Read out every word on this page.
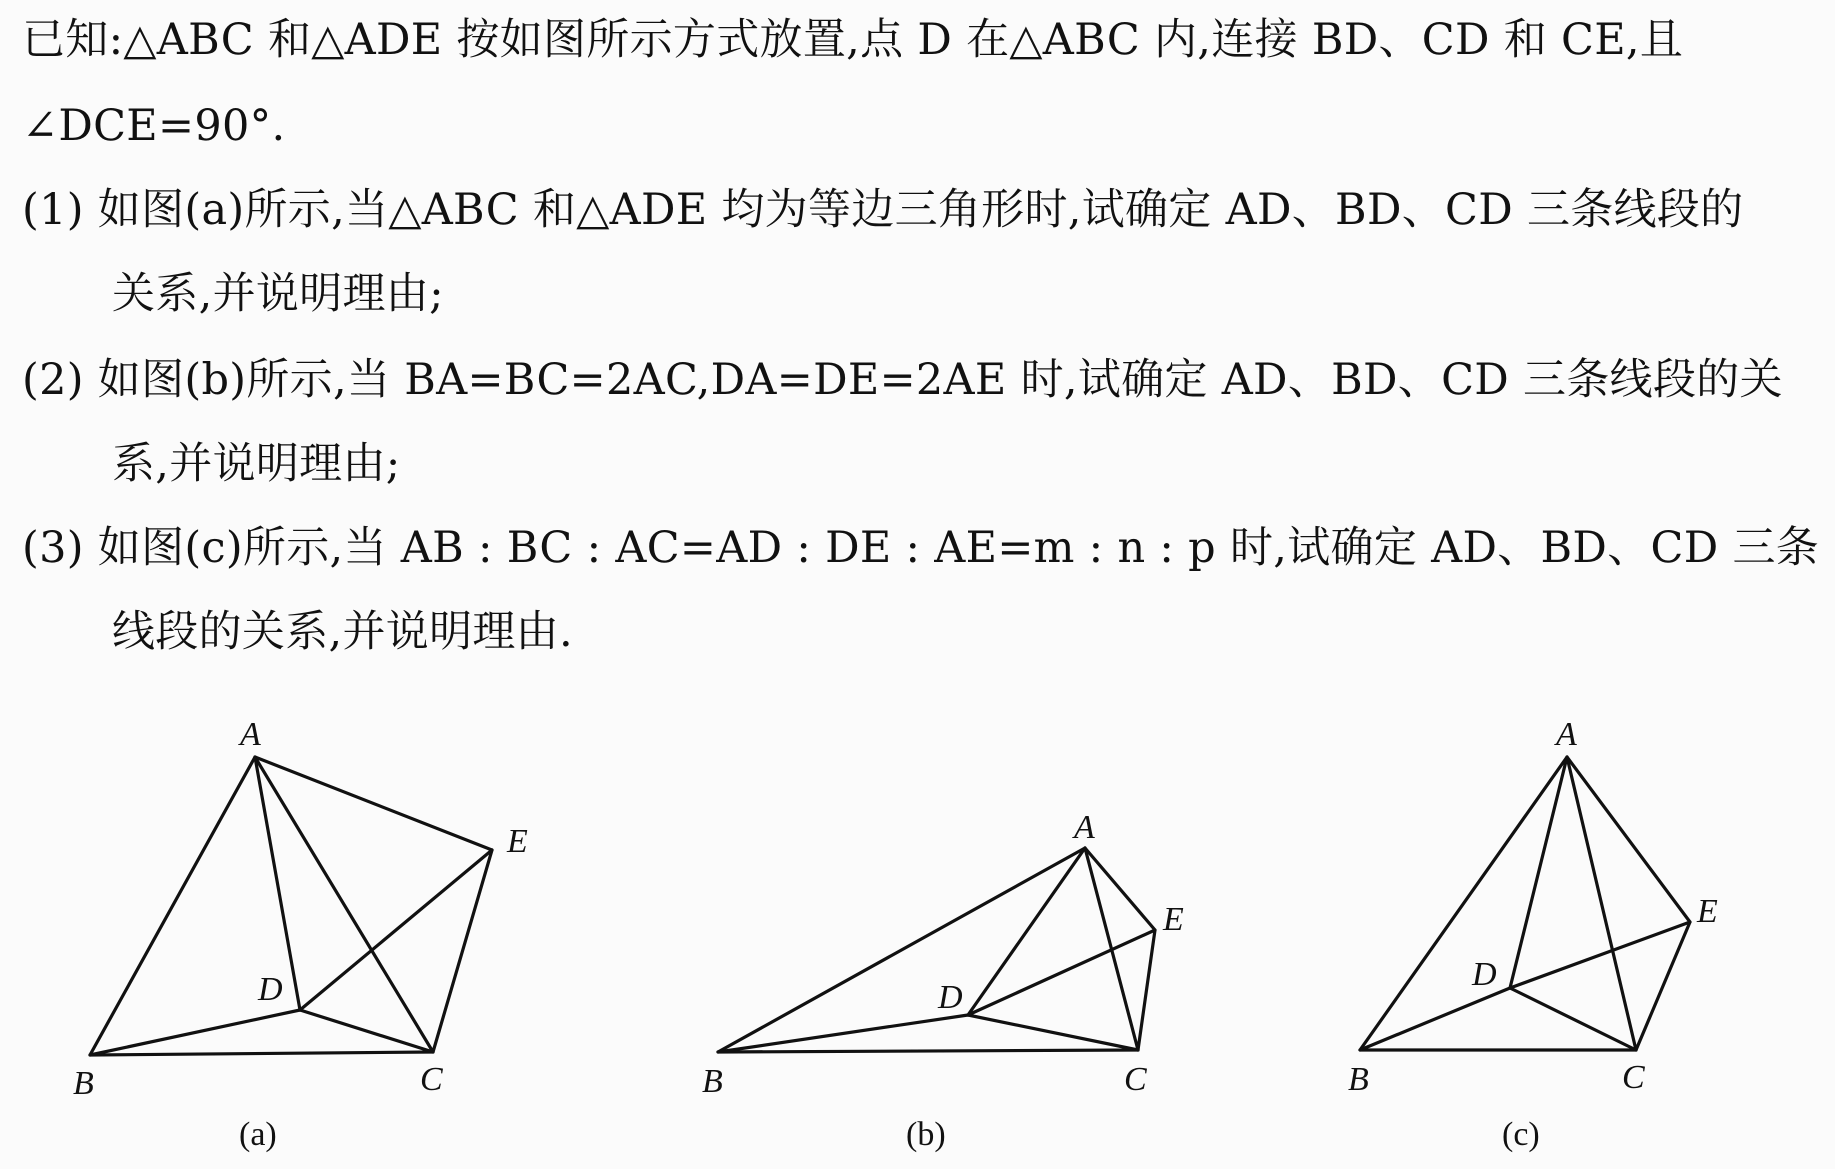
已知:△ABC 和△ADE 按如图所示方式放置,点 D 在△ABC 内,连接 BD、CD 和 CE,且
∠DCE=90°.
(1) 如图(a)所示,当△ABC 和△ADE 均为等边三角形时,试确定 AD、BD、CD 三条线段的
关系,并说明理由;
(2) 如图(b)所示,当 BA=BC=2AC,DA=DE=2AE 时,试确定 AD、BD、CD 三条线段的关
系,并说明理由;
(3) 如图(c)所示,当 AB : BC : AC=AD : DE : AE=m : n : p 时,试确定 AD、BD、CD 三条
线段的关系,并说明理由.
A
B	C
D
E
(a)
A
B	C
D
E
(b)
A
B	C
D
E
(c)
